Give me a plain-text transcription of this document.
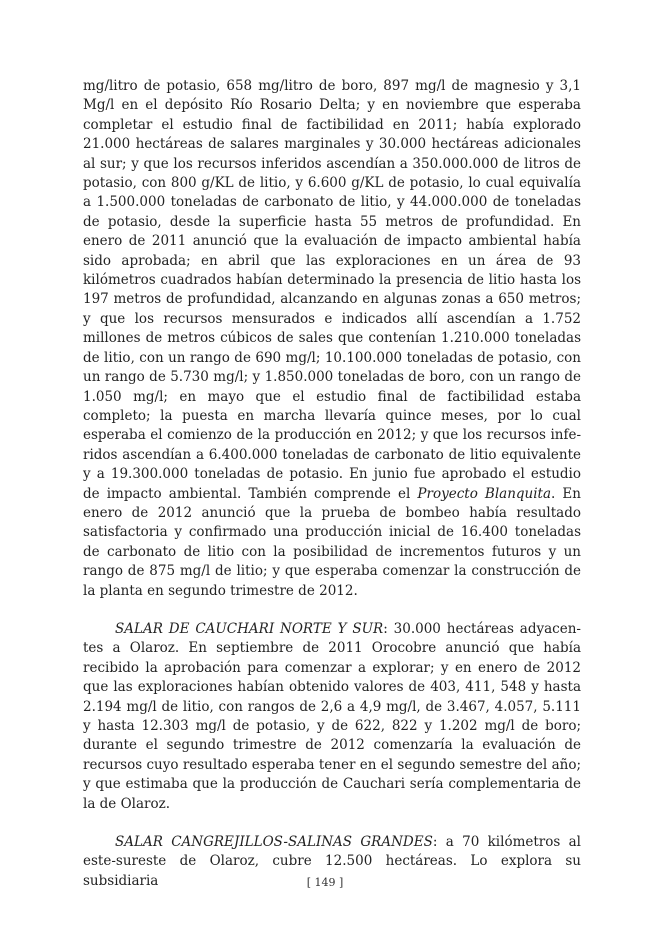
mg/litro de potasio, 658 mg/litro de boro, 897 mg/l de magnesio y 3,1 Mg/l en el depósito Río Rosario Delta; y en noviembre que esperaba completar el estudio final de factibilidad en 2011; había explorado 21.000 hectáreas de salares marginales y 30.000 hectáreas adicionales al sur; y que los recursos inferidos ascendían a 350.000.000 de litros de potasio, con 800 g/KL de litio, y 6.600 g/KL de potasio, lo cual equivalía a 1.500.000 toneladas de carbonato de litio, y 44.000.000 de toneladas de potasio, desde la superficie hasta 55 metros de profundidad. En enero de 2011 anunció que la evaluación de impacto ambiental había sido aprobada; en abril que las exploraciones en un área de 93 kilómetros cuadrados habían determinado la presencia de litio hasta los 197 metros de profundidad, alcanzando en algunas zonas a 650 metros; y que los recursos mensurados e indicados allí ascendían a 1.752 millones de metros cúbicos de sales que contenían 1.210.000 toneladas de litio, con un rango de 690 mg/l; 10.100.000 toneladas de potasio, con un rango de 5.730 mg/l; y 1.850.000 toneladas de boro, con un rango de 1.050 mg/l; en mayo que el estudio final de factibilidad estaba completo; la puesta en marcha llevaría quince meses, por lo cual esperaba el comienzo de la producción en 2012; y que los recursos inferidos ascendían a 6.400.000 toneladas de carbonato de litio equivalente y a 19.300.000 toneladas de potasio. En junio fue aprobado el estudio de impacto ambiental. También comprende el Proyecto Blanquita. En enero de 2012 anunció que la prueba de bombeo había resultado satisfactoria y confirmado una producción inicial de 16.400 toneladas de carbonato de litio con la posibilidad de incrementos futuros y un rango de 875 mg/l de litio; y que esperaba comenzar la construcción de la planta en segundo trimestre de 2012.

SALAR DE CAUCHARI NORTE Y SUR: 30.000 hectáreas adyacentes a Olaroz. En septiembre de 2011 Orocobre anunció que había recibido la aprobación para comenzar a explorar; y en enero de 2012 que las exploraciones habían obtenido valores de 403, 411, 548 y hasta 2.194 mg/l de litio, con rangos de 2,6 a 4,9 mg/l, de 3.467, 4.057, 5.111 y hasta 12.303 mg/l de potasio, y de 622, 822 y 1.202 mg/l de boro; durante el segundo trimestre de 2012 comenzaría la evaluación de recursos cuyo resultado esperaba tener en el segundo semestre del año; y que estimaba que la producción de Cauchari sería complementaria de la de Olaroz.

SALAR CANGREJILLOS-SALINAS GRANDES: a 70 kilómetros al este-sureste de Olaroz, cubre 12.500 hectáreas. Lo explora su subsidiaria	[ 149 ]
